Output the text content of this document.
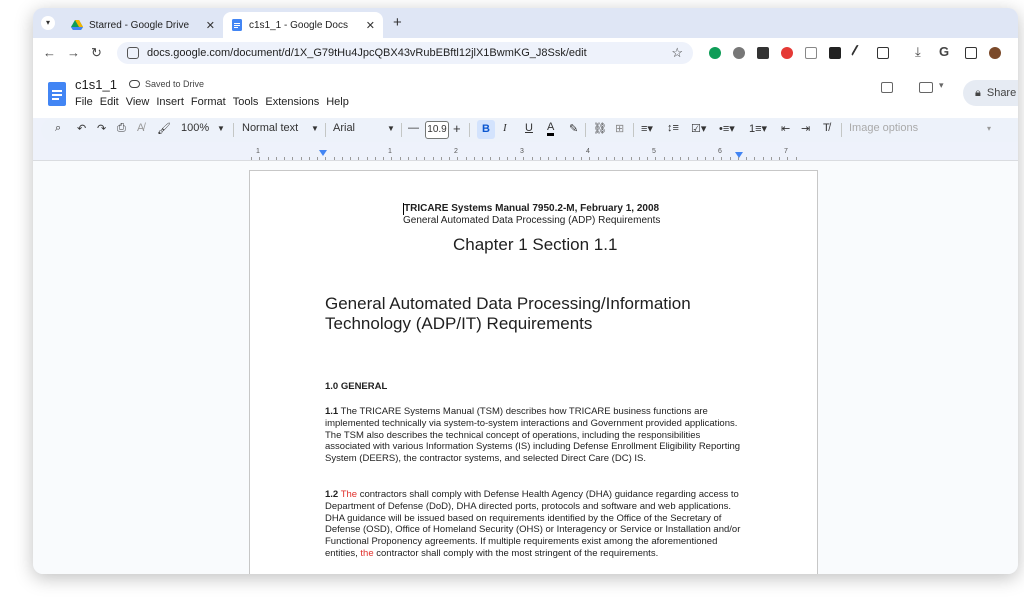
▾	Starred - Google Drive ✕	c1s1_1 - Google Docs ✕ +
← → ↻	docs.google.com/document/d/1X_G79tHu4JpcQBX43vRubEBftl12jlX1BwmKG_J8Ssk/edit	☆	⤓ G
c1s1_1	Saved to Drive
File Edit View Insert Format Tools Extensions Help
▾
🔒︎ Share
⌕ ↶ ↷ ⎙ A̸ 🖌︎ 100% ▼ Normal text ▼ Arial	▼ — 10.9 +	B	I U A ✎ ⛓︎ ⊞ ≡▾ ↕≡ ☑▾ •≡▾ 1≡▾ ⇤ ⇥ T̸ Image options	▾
1	1	2	3	4	5	6	7
TRICARE Systems Manual 7950.2-M, February 1, 2008
General Automated Data Processing (ADP) Requirements
Chapter 1 Section 1.1
General Automated Data Processing/Information Technology (ADP/IT) Requirements
1.0 GENERAL
1.1 The TRICARE Systems Manual (TSM) describes how TRICARE business functions are implemented technically via system-to-system interactions and Government provided applications. The TSM also describes the technical concept of operations, including the responsibilities associated with various Information Systems (IS) including Defense Enrollment Eligibility Reporting System (DEERS), the contractor systems, and selected Direct Care (DC) IS.
1.2 The contractors shall comply with Defense Health Agency (DHA) guidance regarding access to Department of Defense (DoD), DHA directed ports, protocols and software and web applications. DHA guidance will be issued based on requirements identified by the Office of the Secretary of Defense (OSD), Office of Homeland Security (OHS) or Interagency or Service or Installation and/or Functional Proponency agreements. If multiple requirements exist among the aforementioned entities, the contractor shall comply with the most stringent of the requirements.
